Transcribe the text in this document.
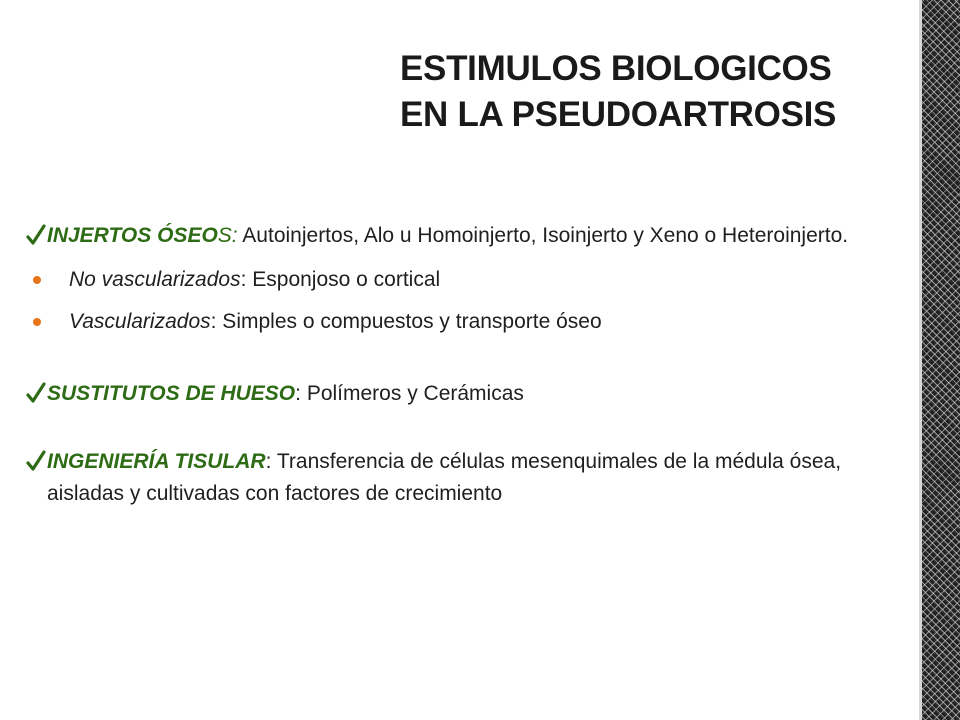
ESTIMULOS BIOLOGICOS
EN LA PSEUDOARTROSIS
INJERTOS ÓSEOS: Autoinjertos, Alo u Homoinjerto, Isoinjerto y Xeno o Heteroinjerto.
No vascularizados: Esponjoso o cortical
Vascularizados: Simples o compuestos y transporte óseo
SUSTITUTOS DE HUESO: Polímeros y Cerámicas
INGENIERÍA TISULAR: Transferencia de células mesenquimales de la médula ósea, aisladas y cultivadas con factores de crecimiento
